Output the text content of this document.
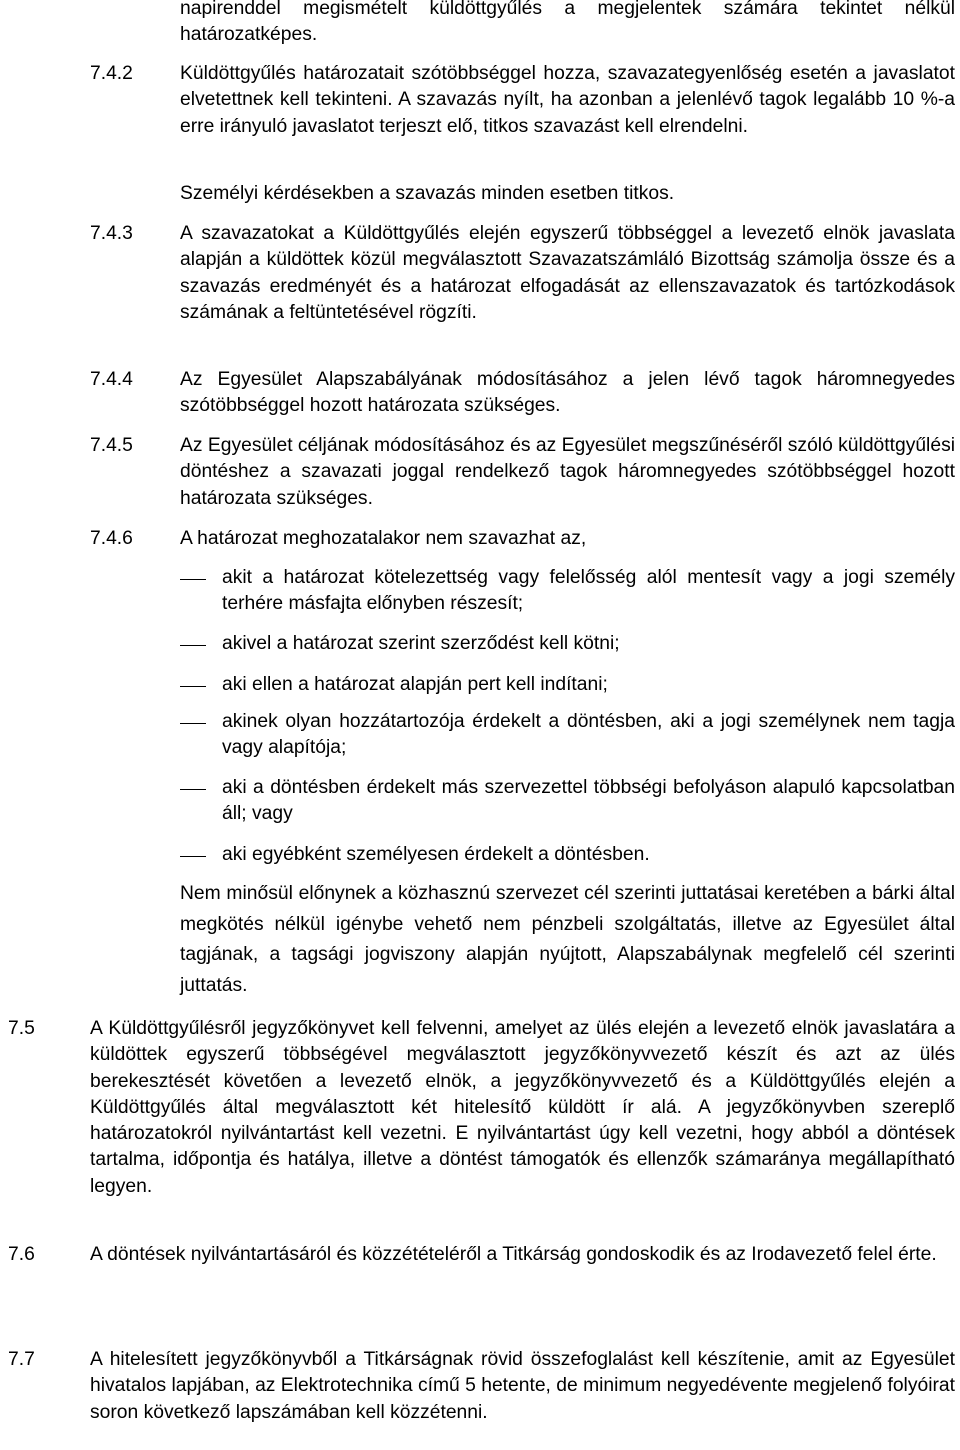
napirenddel megismételt küldöttgyűlés a megjelentek számára tekintet nélkül határozatképes.
7.4.2 Küldöttgyűlés határozatait szótöbbséggel hozza, szavazategyenlőség esetén a javaslatot elvetettnek kell tekinteni. A szavazás nyílt, ha azonban a jelenlévő tagok legalább 10 %-a erre irányuló javaslatot terjeszt elő, titkos szavazást kell elrendelni.
Személyi kérdésekben a szavazás minden esetben titkos.
7.4.3 A szavazatokat a Küldöttgyűlés elején egyszerű többséggel a levezető elnök javaslata alapján a küldöttek közül megválasztott Szavazatszámláló Bizottság számolja össze és a szavazás eredményét és a határozat elfogadását az ellenszavazatok és tartózkodások számának a feltüntetésével rögzíti.
7.4.4 Az Egyesület Alapszabályának módosításához a jelen lévő tagok háromnegyedes szótöbbséggel hozott határozata szükséges.
7.4.5 Az Egyesület céljának módosításához és az Egyesület megszűnéséről szóló küldöttgyűlési döntéshez a szavazati joggal rendelkező tagok háromnegyedes szótöbbséggel hozott határozata szükséges.
7.4.6 A határozat meghozatalakor nem szavazhat az,
akit a határozat kötelezettség vagy felelősség alól mentesít vagy a jogi személy terhére másfajta előnyben részesít;
akivel a határozat szerint szerződést kell kötni;
aki ellen a határozat alapján pert kell indítani;
akinek olyan hozzátartozója érdekelt a döntésben, aki a jogi személynek nem tagja vagy alapítója;
aki a döntésben érdekelt más szervezettel többségi befolyáson alapuló kapcsolatban áll; vagy
aki egyébként személyesen érdekelt a döntésben.
Nem minősül előnynek a közhasznú szervezet cél szerinti juttatásai keretében a bárki által megkötés nélkül igénybe vehető nem pénzbeli szolgáltatás, illetve az Egyesület által tagjának, a tagsági jogviszony alapján nyújtott, Alapszabálynak megfelelő cél szerinti juttatás.
7.5	A Küldöttgyűlésről jegyzőkönyvet kell felvenni, amelyet az ülés elején a levezető elnök javaslatára a küldöttek egyszerű többségével megválasztott jegyzőkönyvvezető készít és azt az ülés berekesztését követően a levezető elnök, a jegyzőkönyvvezető és a Küldöttgyűlés elején a Küldöttgyűlés által megválasztott két hitelesítő küldött ír alá. A jegyzőkönyvben szereplő határozatokról nyilvántartást kell vezetni. E nyilvántartást úgy kell vezetni, hogy abból a döntések tartalma, időpontja és hatálya, illetve a döntést támogatók és ellenzők számaránya megállapítható legyen.
7.6	A döntések nyilvántartásáról és közzétételéről a Titkárság gondoskodik és az Irodavezető felel érte.
7.7	A hitelesített jegyzőkönyvből a Titkárságnak rövid összefoglalást kell készítenie, amit az Egyesület hivatalos lapjában, az Elektrotechnika című 5 hetente, de minimum negyedévente megjelenő folyóirat soron következő lapszámában kell közzétenni.
